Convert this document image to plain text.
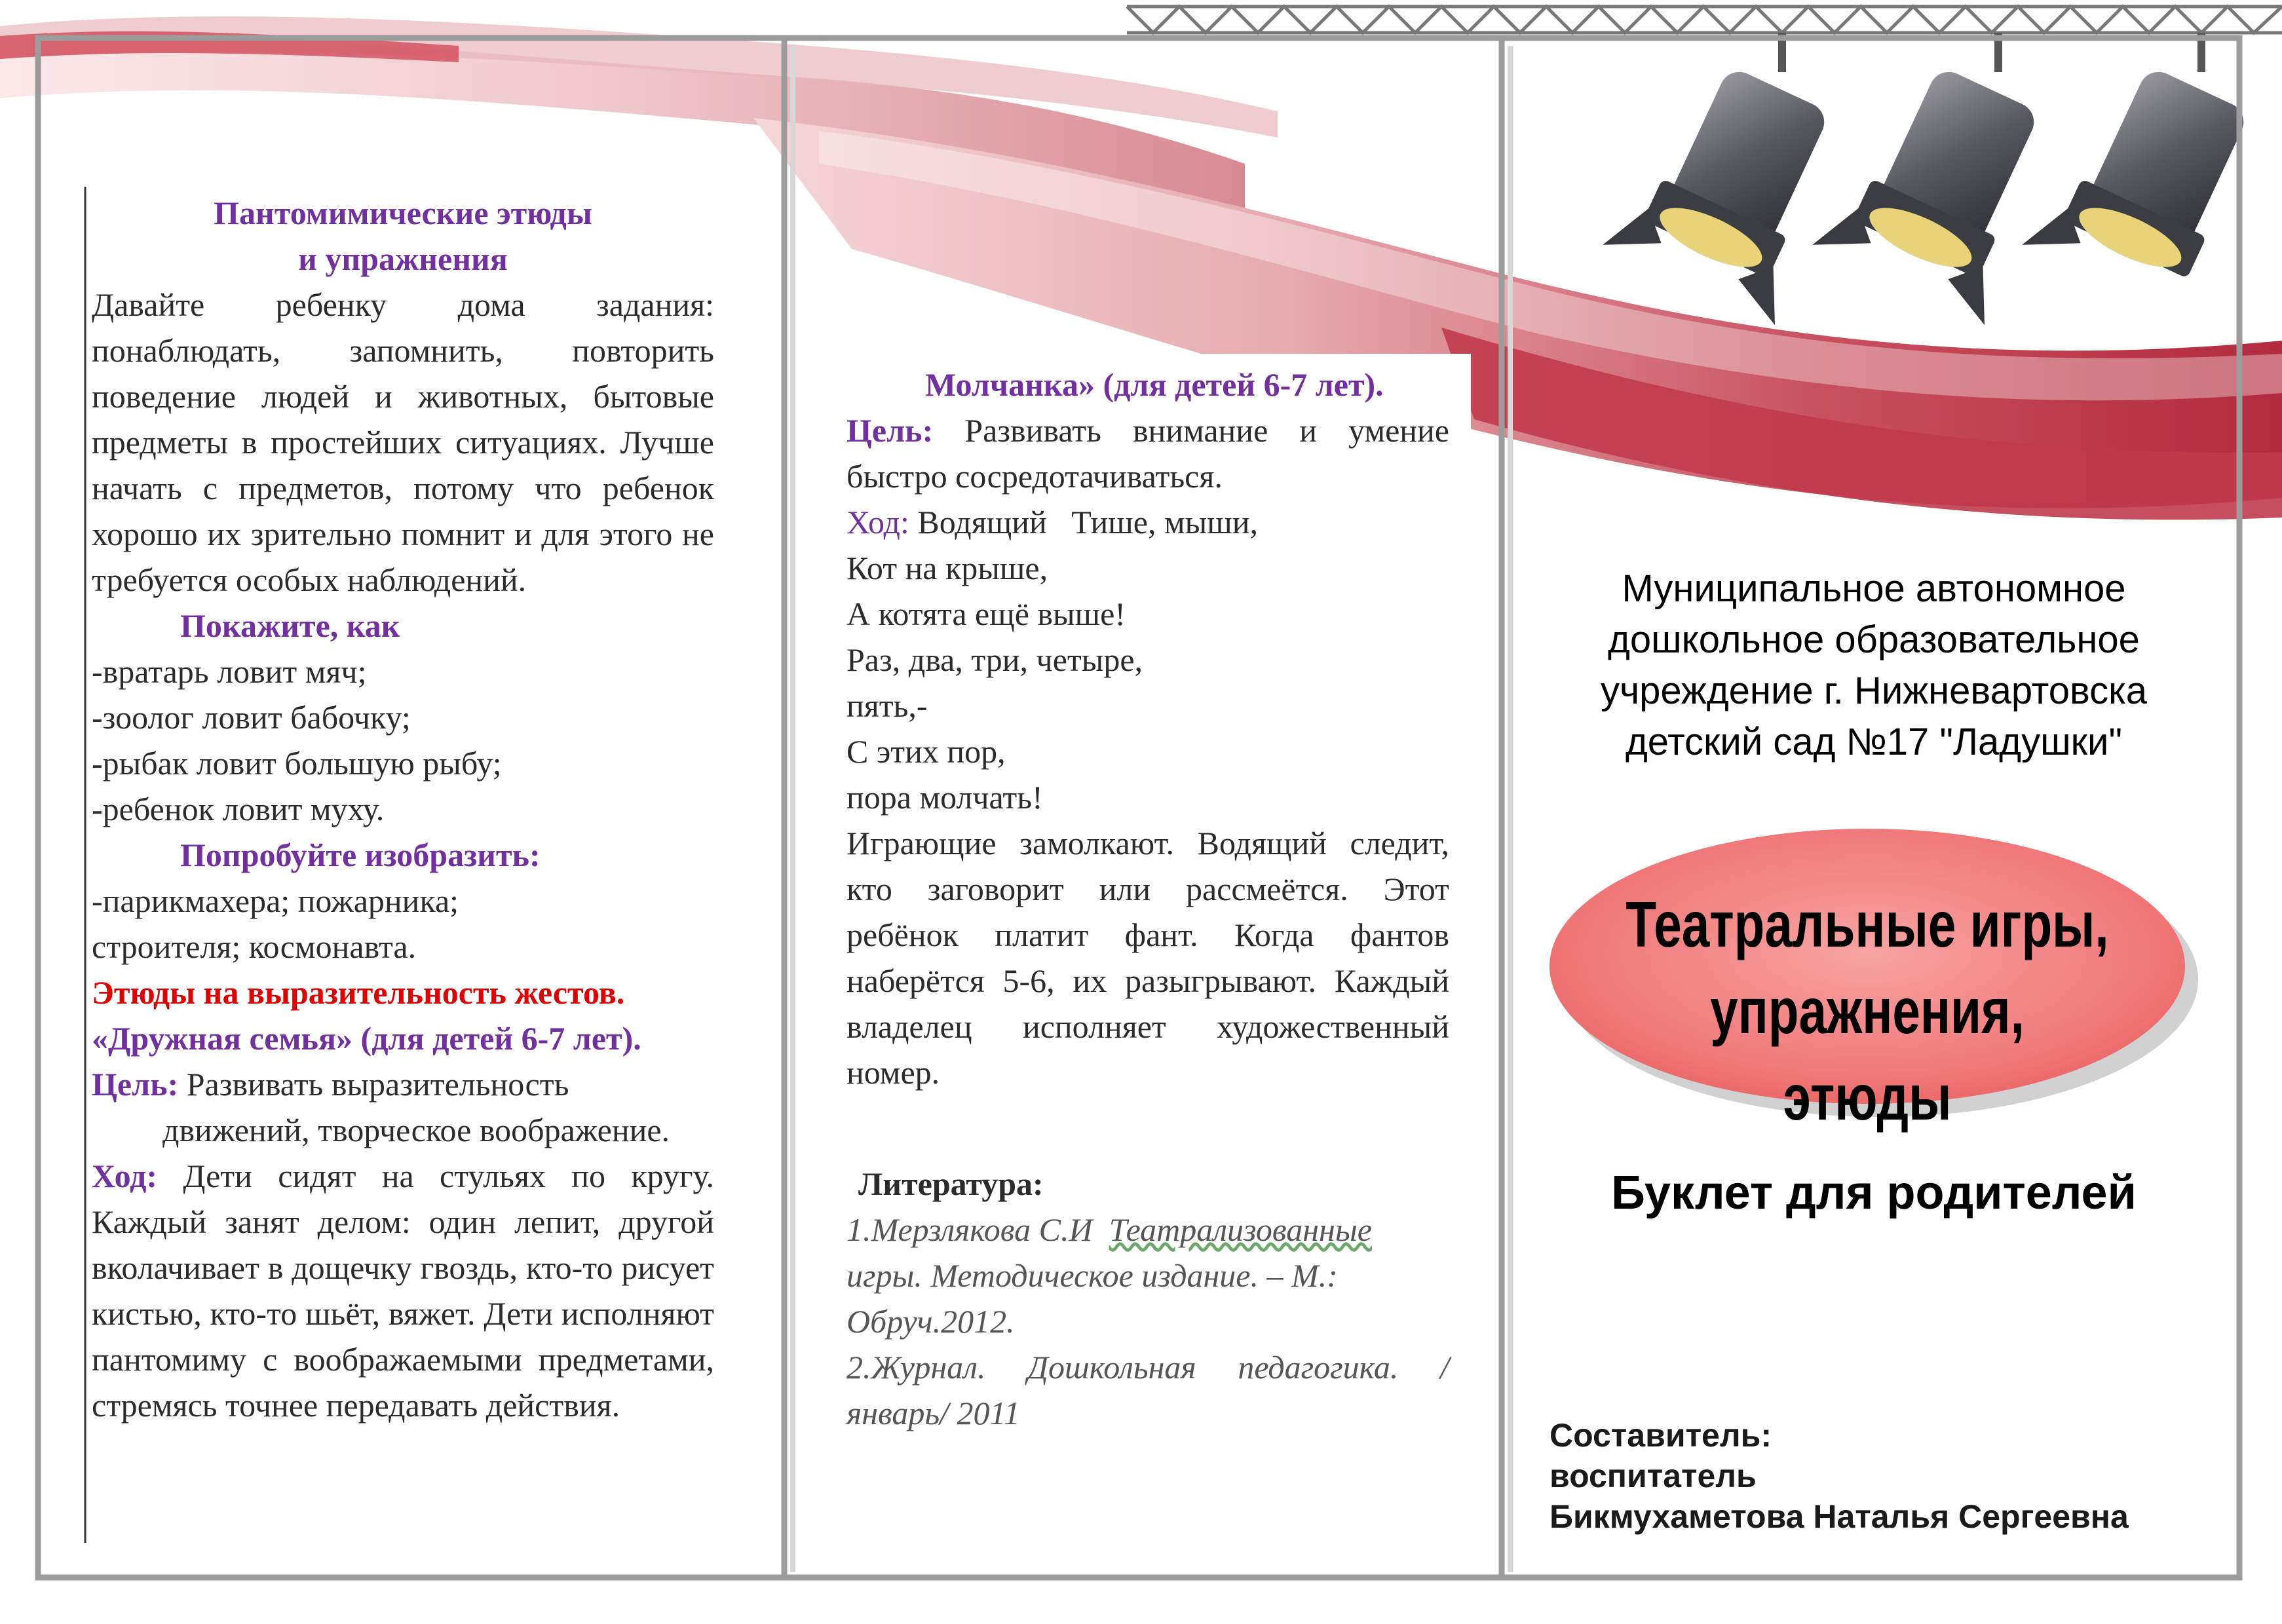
Пантомимические этюды

и упражнения

Давайте ребенку дома задания: понаблюдать, запомнить, повторить поведение людей и животных, бытовые предметы в простейших ситуациях. Лучше начать с предметов, потому что ребенок хорошо их зрительно помнит и для этого не требуется особых наблюдений.

Покажите, как

-вратарь ловит мяч;

-зоолог ловит бабочку;

-рыбак ловит большую рыбу;

-ребенок ловит муху.

Попробуйте изобразить:

-парикмахера; пожарника;

строителя; космонавта.

Этюды на выразительность жестов.

«Дружная семья» (для детей 6-7 лет).

Цель: Развивать выразительность

движений, творческое воображение.

Ход: Дети сидят на стульях по кругу. Каждый занят делом: один лепит, другой вколачивает в дощечку гвоздь, кто-то рисует кистью, кто-то шьёт, вяжет. Дети исполняют пантомиму с воображаемыми предметами, стремясь точнее передавать действия.

Молчанка» (для детей 6-7 лет).

Цель: Развивать внимание и умение быстро сосредотачиваться.

Ход: Водящий   Тише, мыши,

Кот на крыше,

А котята ещё выше!

Раз, два, три, четыре,

пять,-

С этих пор,

пора молчать!

Играющие замолкают. Водящий следит, кто заговорит или рассмеётся. Этот ребёнок платит фант. Когда фантов наберётся 5-6, их разыгрывают. Каждый владелец исполняет художественный номер.

Литература:

1.Мерзлякова С.И  Театрализованные игры. Методическое издание. – М.: Обруч.2012.

2.Журнал. Дошкольная педагогика. /январь/ 2011

Муниципальное автономное
дошкольное образовательное
учреждение г. Нижневартовска
детский сад №17 "Ладушки"
Театральные игры,
упражнения, этюды
Буклет для родителей
Составитель:
воспитатель
Бикмухаметова Наталья Сергеевна
